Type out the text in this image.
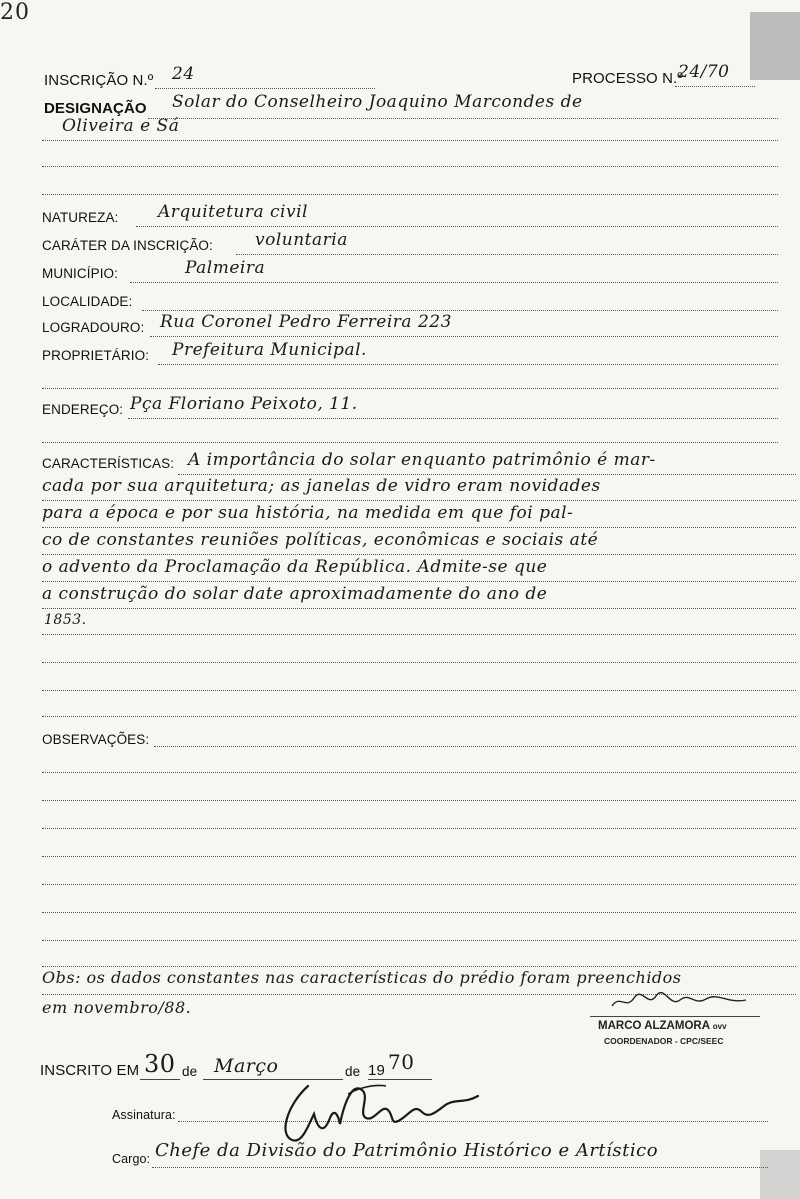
20
INSCRIÇÃO N.º 24	PROCESSO N.º
24/70
DESIGNAÇÃO Solar do Conselheiro Joaquino Marcondes de
Oliveira e Sá
NATUREZA: Arquitetura civil
CARÁTER DA INSCRIÇÃO: voluntaria
MUNICÍPIO:	Palmeira
LOCALIDADE:
LOGRADOURO: Rua Coronel Pedro Ferreira 223
PROPRIETÁRIO: Prefeitura Municipal.
ENDEREÇO: Pça Floriano Peixoto, 11.
CARACTERÍSTICAS: A importância do solar enquanto patrimônio é mar-
cada por sua arquitetura; as janelas de vidro eram novidades
para a época e por sua história, na medida em que foi pal-
co de constantes reuniões políticas, econômicas e sociais até
o advento da Proclamação da República. Admite-se que
a construção do solar date aproximadamente do ano de
1853.
OBSERVAÇÕES:
Obs: os dados constantes nas características do prédio foram preenchidos
em novembro/88.
MARCO ALZAMORA ovv
COORDENADOR - CPC/SEEC
INSCRITO EM 30 de Março	de 19 70
Assinatura:
Cargo: Chefe da Divisão do Patrimônio Histórico e Artístico
